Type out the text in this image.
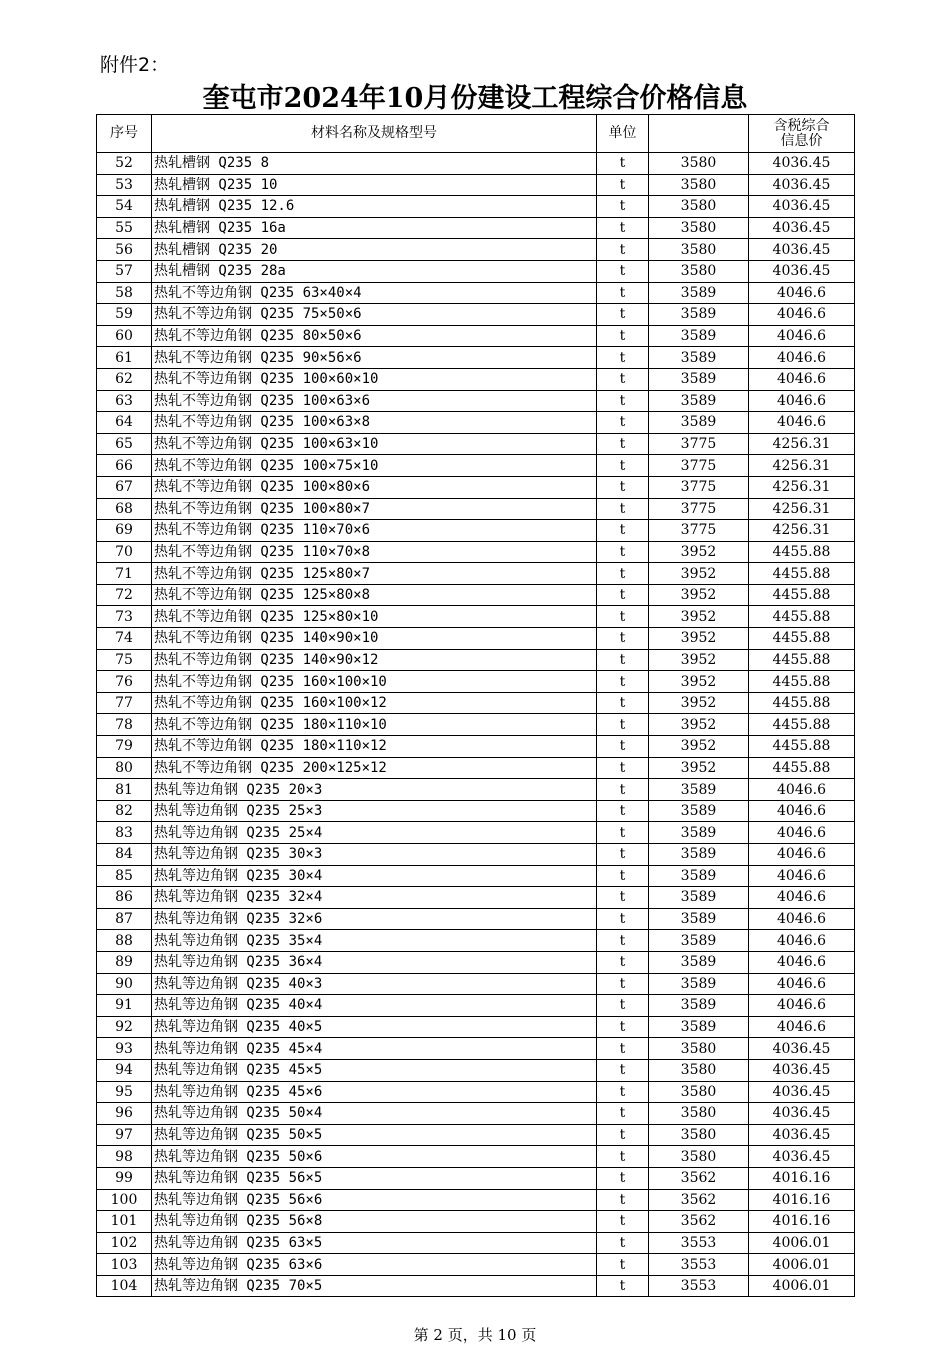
附件2：
奎屯市2024年10月份建设工程综合价格信息
序号	材料名称及规格型号	单位		含税综合
信息价
52	热轧槽钢 Q235 8	t	3580	4036.45
53	热轧槽钢 Q235 10	t	3580	4036.45
54	热轧槽钢 Q235 12.6	t	3580	4036.45
55	热轧槽钢 Q235 16a	t	3580	4036.45
56	热轧槽钢 Q235 20	t	3580	4036.45
57	热轧槽钢 Q235 28a	t	3580	4036.45
58	热轧不等边角钢 Q235 63×40×4	t	3589	4046.6
59	热轧不等边角钢 Q235 75×50×6	t	3589	4046.6
60	热轧不等边角钢 Q235 80×50×6	t	3589	4046.6
61	热轧不等边角钢 Q235 90×56×6	t	3589	4046.6
62	热轧不等边角钢 Q235 100×60×10	t	3589	4046.6
63	热轧不等边角钢 Q235 100×63×6	t	3589	4046.6
64	热轧不等边角钢 Q235 100×63×8	t	3589	4046.6
65	热轧不等边角钢 Q235 100×63×10	t	3775	4256.31
66	热轧不等边角钢 Q235 100×75×10	t	3775	4256.31
67	热轧不等边角钢 Q235 100×80×6	t	3775	4256.31
68	热轧不等边角钢 Q235 100×80×7	t	3775	4256.31
69	热轧不等边角钢 Q235 110×70×6	t	3775	4256.31
70	热轧不等边角钢 Q235 110×70×8	t	3952	4455.88
71	热轧不等边角钢 Q235 125×80×7	t	3952	4455.88
72	热轧不等边角钢 Q235 125×80×8	t	3952	4455.88
73	热轧不等边角钢 Q235 125×80×10	t	3952	4455.88
74	热轧不等边角钢 Q235 140×90×10	t	3952	4455.88
75	热轧不等边角钢 Q235 140×90×12	t	3952	4455.88
76	热轧不等边角钢 Q235 160×100×10	t	3952	4455.88
77	热轧不等边角钢 Q235 160×100×12	t	3952	4455.88
78	热轧不等边角钢 Q235 180×110×10	t	3952	4455.88
79	热轧不等边角钢 Q235 180×110×12	t	3952	4455.88
80	热轧不等边角钢 Q235 200×125×12	t	3952	4455.88
81	热轧等边角钢 Q235 20×3	t	3589	4046.6
82	热轧等边角钢 Q235 25×3	t	3589	4046.6
83	热轧等边角钢 Q235 25×4	t	3589	4046.6
84	热轧等边角钢 Q235 30×3	t	3589	4046.6
85	热轧等边角钢 Q235 30×4	t	3589	4046.6
86	热轧等边角钢 Q235 32×4	t	3589	4046.6
87	热轧等边角钢 Q235 32×6	t	3589	4046.6
88	热轧等边角钢 Q235 35×4	t	3589	4046.6
89	热轧等边角钢 Q235 36×4	t	3589	4046.6
90	热轧等边角钢 Q235 40×3	t	3589	4046.6
91	热轧等边角钢 Q235 40×4	t	3589	4046.6
92	热轧等边角钢 Q235 40×5	t	3589	4046.6
93	热轧等边角钢 Q235 45×4	t	3580	4036.45
94	热轧等边角钢 Q235 45×5	t	3580	4036.45
95	热轧等边角钢 Q235 45×6	t	3580	4036.45
96	热轧等边角钢 Q235 50×4	t	3580	4036.45
97	热轧等边角钢 Q235 50×5	t	3580	4036.45
98	热轧等边角钢 Q235 50×6	t	3580	4036.45
99	热轧等边角钢 Q235 56×5	t	3562	4016.16
100	热轧等边角钢 Q235 56×6	t	3562	4016.16
101	热轧等边角钢 Q235 56×8	t	3562	4016.16
102	热轧等边角钢 Q235 63×5	t	3553	4006.01
103	热轧等边角钢 Q235 63×6	t	3553	4006.01
104	热轧等边角钢 Q235 70×5	t	3553	4006.01
第 2 页，共 10 页
